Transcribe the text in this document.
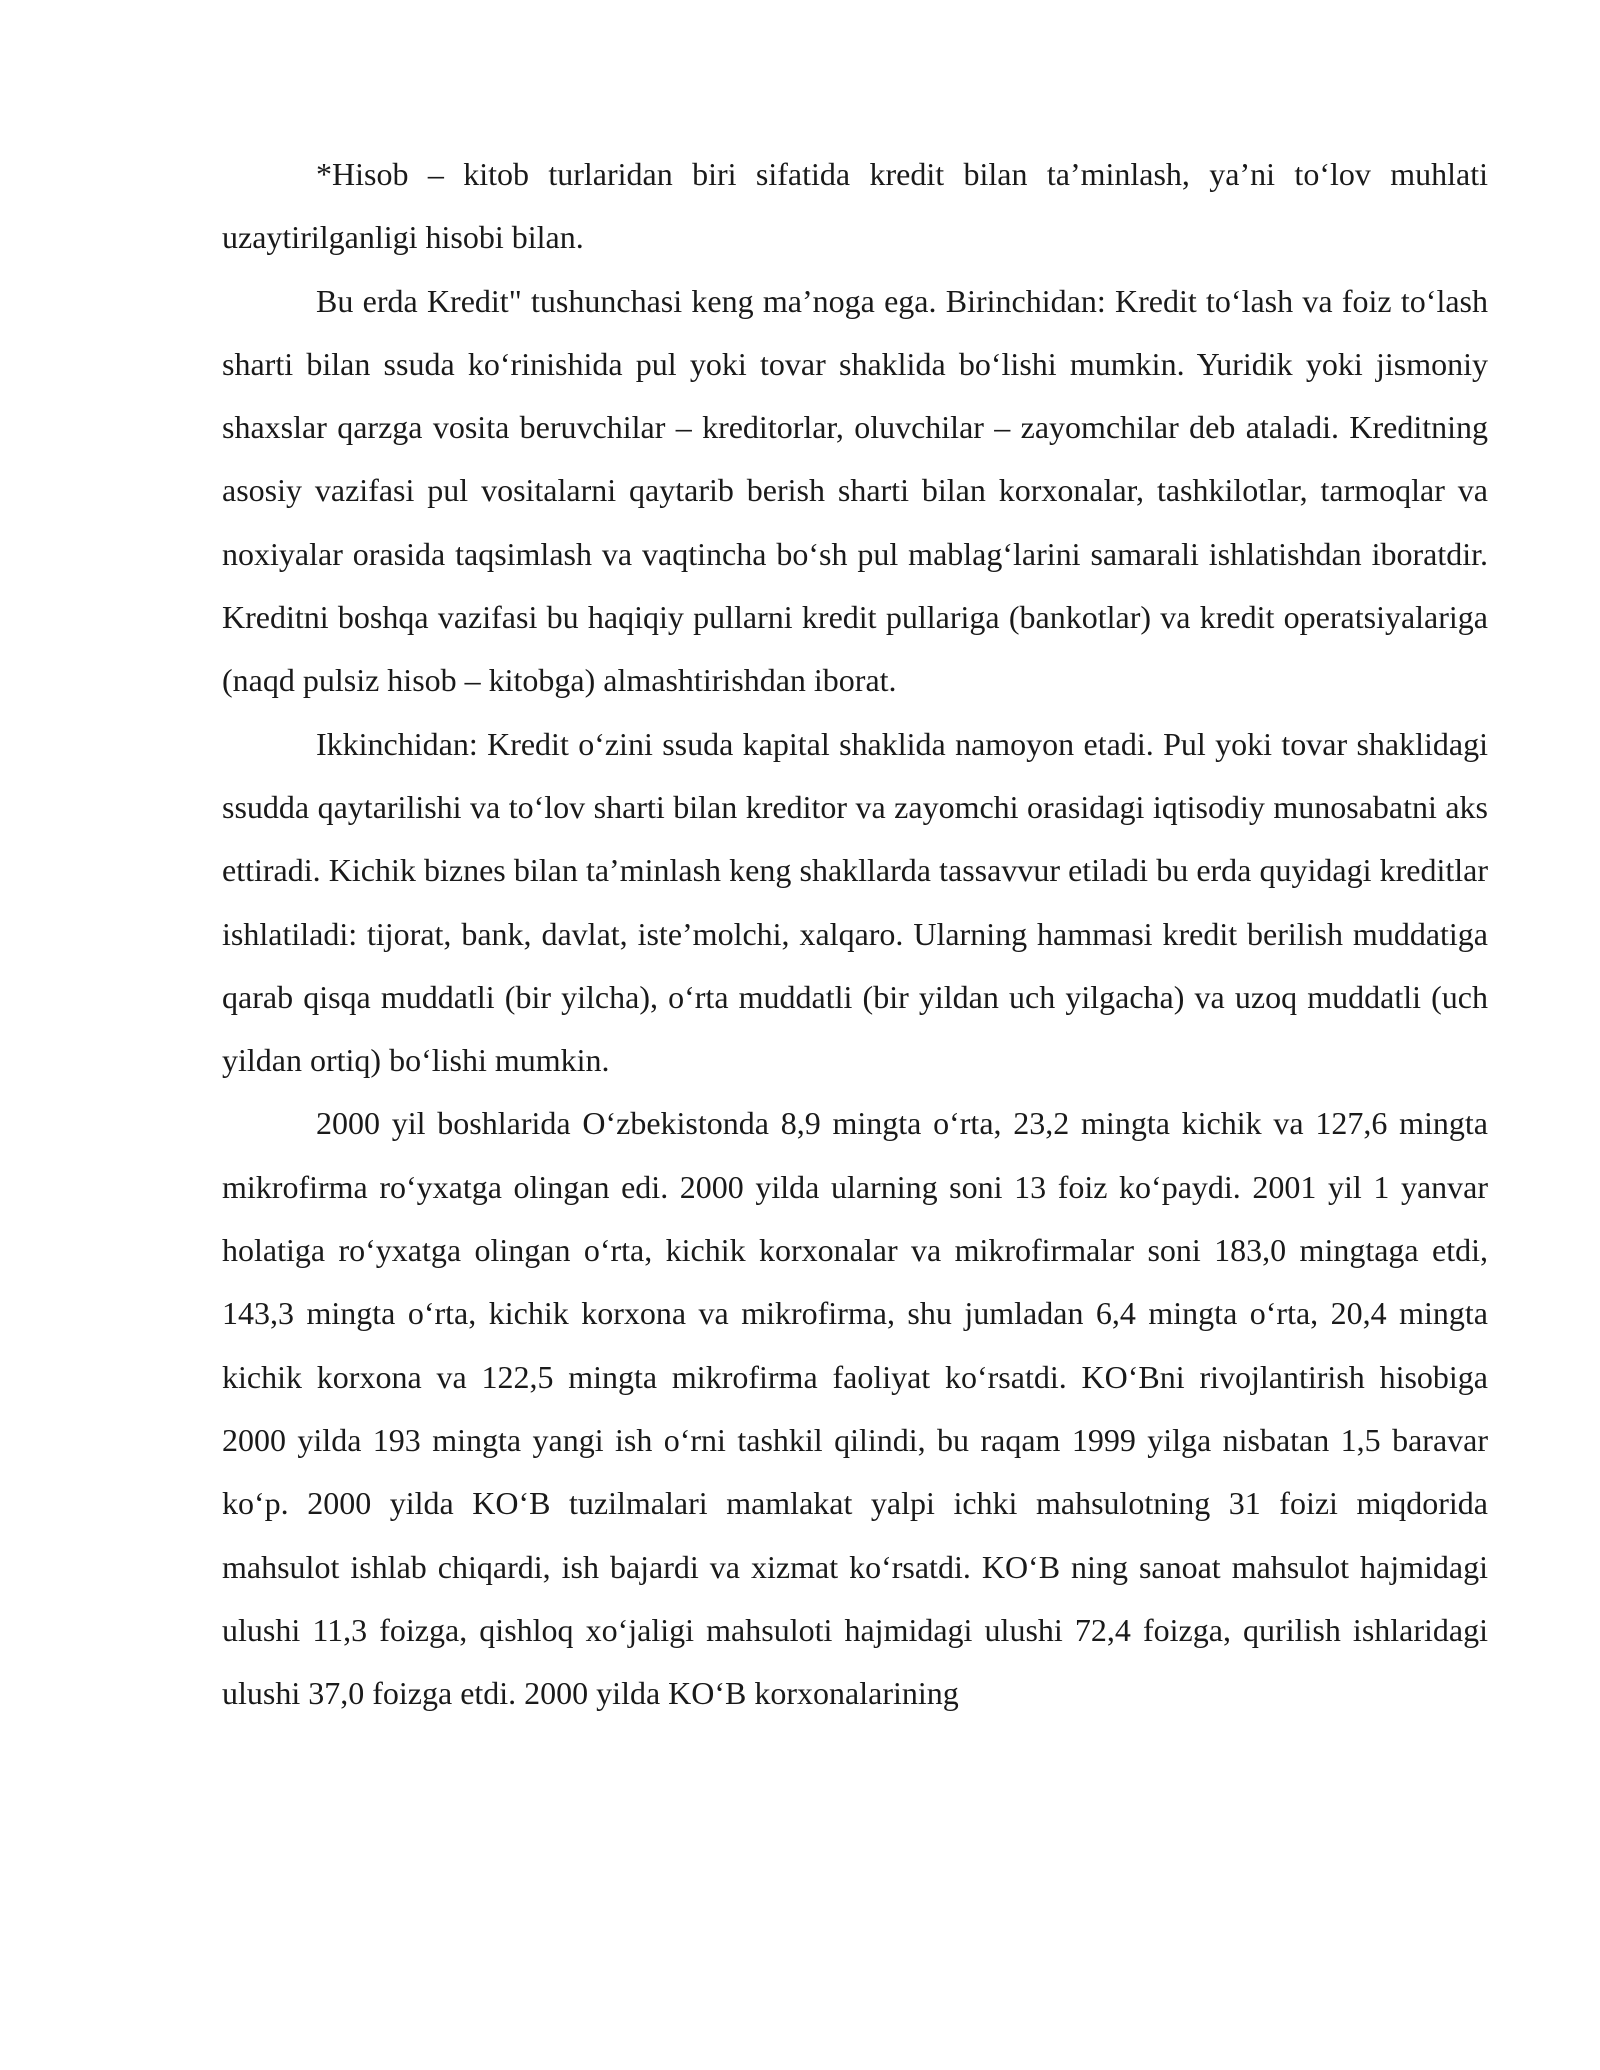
*Hisob – kitob turlaridan biri sifatida kredit bilan ta’minlash, ya’ni to‘lov muhlati uzaytirilganligi hisobi bilan.

Bu erda Kredit" tushunchasi keng ma’noga ega. Birinchidan: Kredit to‘lash va foiz to‘lash sharti bilan ssuda ko‘rinishida pul yoki tovar shaklida bo‘lishi mumkin. Yuridik yoki jismoniy shaxslar qarzga vosita beruvchilar – kreditorlar, oluvchilar – zayomchilar deb ataladi. Kreditning asosiy vazifasi pul vositalarni qaytarib berish sharti bilan korxonalar, tashkilotlar, tarmoqlar va noxiyalar orasida taqsimlash va vaqtincha bo‘sh pul mablag‘larini samarali ishlatishdan iboratdir. Kreditni boshqa vazifasi bu haqiqiy pullarni kredit pullariga (bankotlar) va kredit operatsiyalariga (naqd pulsiz hisob – kitobga) almashtirishdan iborat.

Ikkinchidan: Kredit o‘zini ssuda kapital shaklida namoyon etadi. Pul yoki tovar shaklidagi ssudda qaytarilishi va to‘lov sharti bilan kreditor va zayomchi orasidagi iqtisodiy munosabatni aks ettiradi. Kichik biznes bilan ta’minlash keng shakllarda tassavvur etiladi bu erda quyidagi kreditlar ishlatiladi: tijorat, bank, davlat, iste’molchi, xalqaro. Ularning hammasi kredit berilish muddatiga qarab qisqa muddatli (bir yilcha), o‘rta muddatli (bir yildan uch yilgacha) va uzoq muddatli (uch yildan ortiq) bo‘lishi mumkin.

2000 yil boshlarida O‘zbekistonda 8,9 mingta o‘rta, 23,2 mingta kichik va 127,6 mingta mikrofirma ro‘yxatga olingan edi. 2000 yilda ularning soni 13 foiz ko‘paydi. 2001 yil 1 yanvar holatiga ro‘yxatga olingan o‘rta, kichik korxonalar va mikrofirmalar soni 183,0 mingtaga etdi, 143,3 mingta o‘rta, kichik korxona va mikrofirma, shu jumladan 6,4 mingta o‘rta, 20,4 mingta kichik korxona va 122,5 mingta mikrofirma faoliyat ko‘rsatdi. KO‘Bni rivojlantirish hisobiga 2000 yilda 193 mingta yangi ish o‘rni tashkil qilindi, bu raqam 1999 yilga nisbatan 1,5 baravar ko‘p. 2000 yilda KO‘B tuzilmalari mamlakat yalpi ichki mahsulotning 31 foizi miqdorida mahsulot ishlab chiqardi, ish bajardi va xizmat ko‘rsatdi. KO‘B ning sanoat mahsulot hajmidagi ulushi 11,3 foizga, qishloq xo‘jaligi mahsuloti hajmidagi ulushi 72,4 foizga, qurilish ishlaridagi ulushi 37,0 foizga etdi. 2000 yilda KO‘B korxonalarining
